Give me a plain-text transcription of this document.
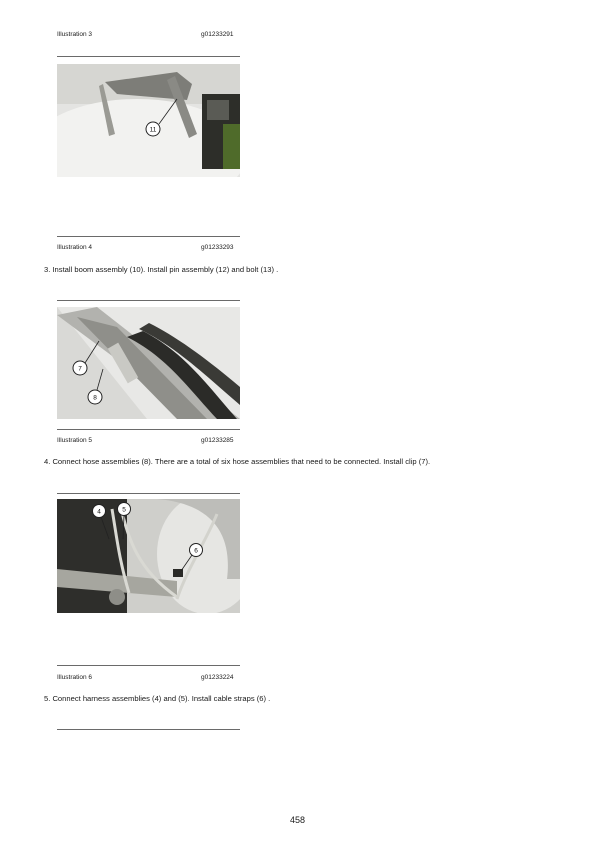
Illustration 3	g01233291
11
Illustration 4	g01233293
3. Install boom assembly (10). Install pin assembly (12) and bolt (13) .
7
8
Illustration 5	g01233285
4. Connect hose assemblies (8). There are a total of six hose assemblies that need to be connected. Install clip (7).
4	5
6
Illustration 6	g01233224
5. Connect harness assemblies (4) and (5). Install cable straps (6) .
458
